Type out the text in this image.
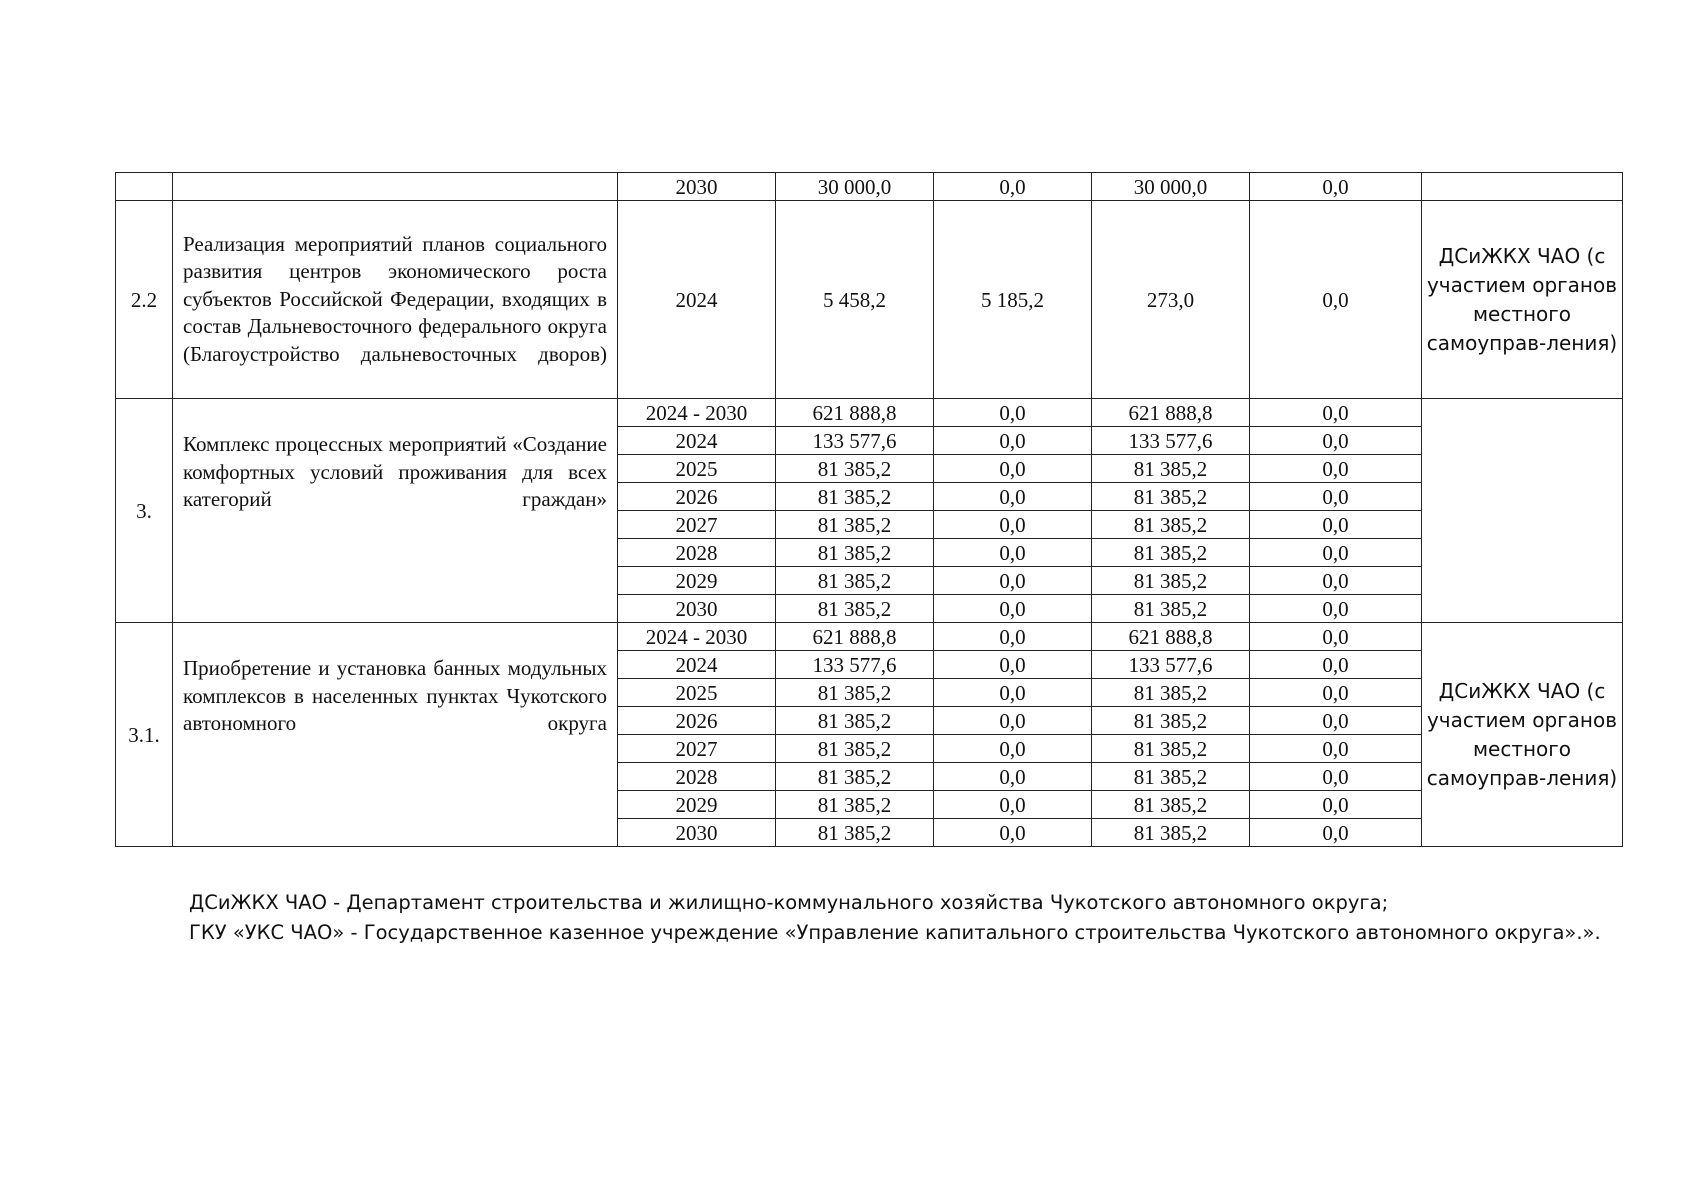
		2030	30 000,0	0,0	30 000,0	0,0	
2.2	Реализация мероприятий планов социального развития центров экономического роста субъектов Российской Федерации, входящих в состав Дальневосточного федерального округа (Благоустройство дальневосточных дворов)	2024	5 458,2	5 185,2	273,0	0,0	ДСиЖКХ ЧАО (с участием органов местного самоуправ-ления)
3.	Комплекс процессных мероприятий «Создание комфортных условий проживания для всех категорий граждан»	2024 - 2030	621 888,8	0,0	621 888,8	0,0	
		2024	133 577,6	0,0	133 577,6	0,0	
		2025	81 385,2	0,0	81 385,2	0,0	
		2026	81 385,2	0,0	81 385,2	0,0	
		2027	81 385,2	0,0	81 385,2	0,0	
		2028	81 385,2	0,0	81 385,2	0,0	
		2029	81 385,2	0,0	81 385,2	0,0	
		2030	81 385,2	0,0	81 385,2	0,0	
3.1.	Приобретение и установка банных модульных комплексов в населенных пунктах Чукотского автономного округа	2024 - 2030	621 888,8	0,0	621 888,8	0,0	ДСиЖКХ ЧАО (с участием органов местного самоуправ-ления)
		2024	133 577,6	0,0	133 577,6	0,0	
		2025	81 385,2	0,0	81 385,2	0,0	
		2026	81 385,2	0,0	81 385,2	0,0	
		2027	81 385,2	0,0	81 385,2	0,0	
		2028	81 385,2	0,0	81 385,2	0,0	
		2029	81 385,2	0,0	81 385,2	0,0	
		2030	81 385,2	0,0	81 385,2	0,0	

ДСиЖКХ ЧАО - Департамент строительства и жилищно-коммунального хозяйства Чукотского автономного округа;

ГКУ «УКС ЧАО» - Государственное казенное учреждение «Управление капитального строительства Чукотского автономного округа».».
